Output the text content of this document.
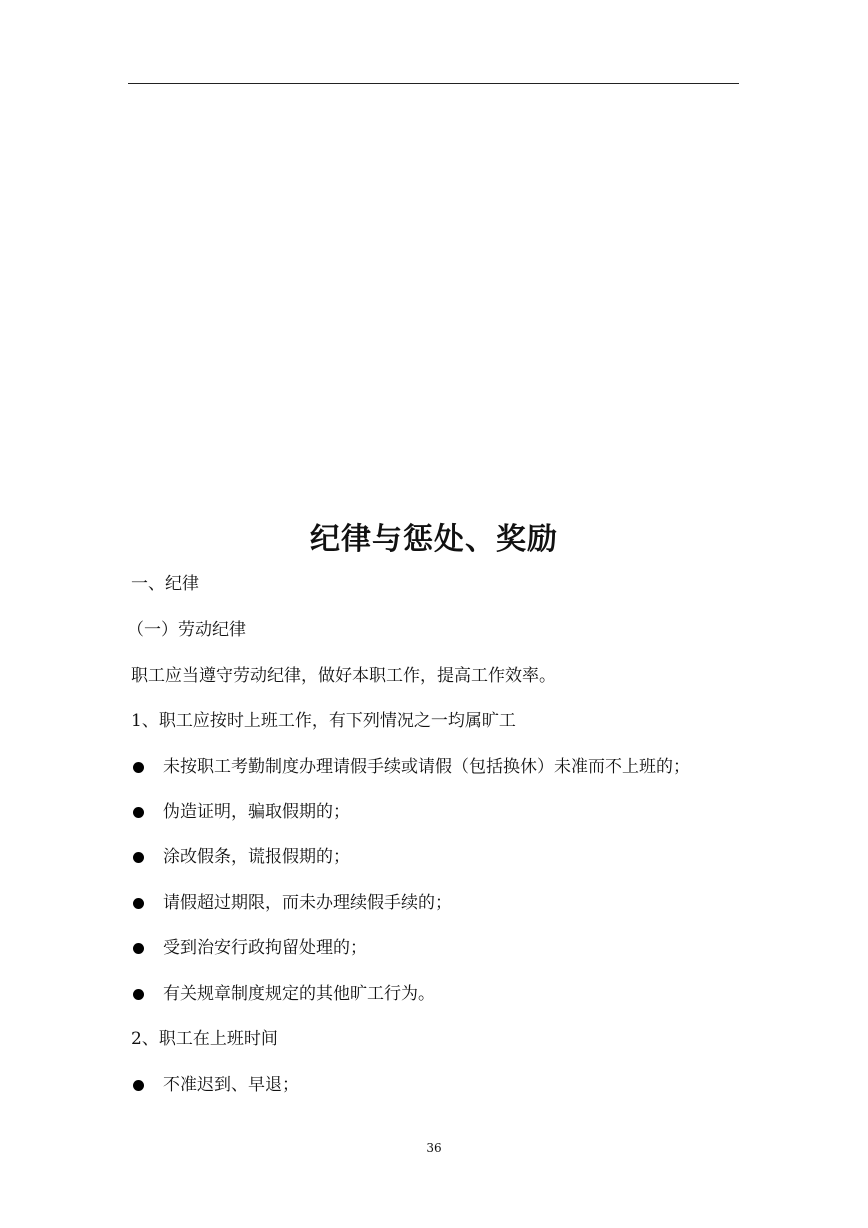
纪律与惩处、奖励
一、纪律
（一）劳动纪律
职工应当遵守劳动纪律，做好本职工作，提高工作效率。
1、职工应按时上班工作，有下列情况之一均属旷工
未按职工考勤制度办理请假手续或请假（包括换休）未准而不上班的；
伪造证明，骗取假期的；
涂改假条，谎报假期的；
请假超过期限，而未办理续假手续的；
受到治安行政拘留处理的；
有关规章制度规定的其他旷工行为。
2、职工在上班时间
不准迟到、早退；
36
